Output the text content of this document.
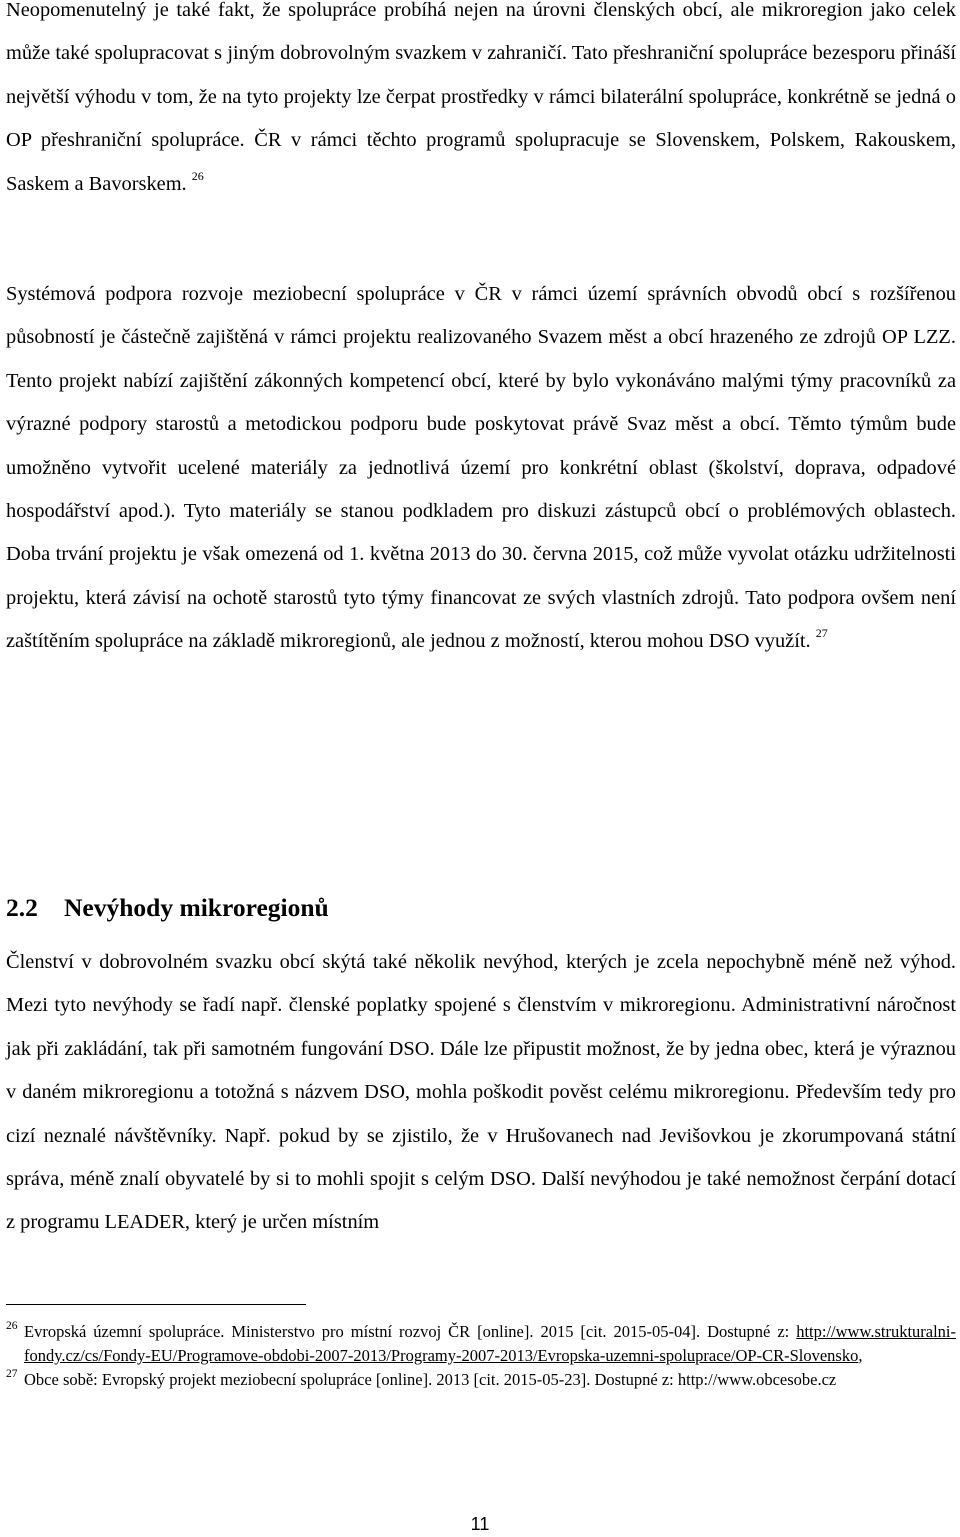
Neopomenutelný je také fakt, že spolupráce probíhá nejen na úrovni členských obcí, ale mikroregion jako celek může také spolupracovat s jiným dobrovolným svazkem v zahraničí. Tato přeshraniční spolupráce bezesporu přináší největší výhodu v tom, že na tyto projekty lze čerpat prostředky v rámci bilaterální spolupráce, konkrétně se jedná o OP přeshraniční spolupráce. ČR v rámci těchto programů spolupracuje se Slovenskem, Polskem, Rakouskem, Saskem a Bavorskem. $^{26}$

Systémová podpora rozvoje meziobecní spolupráce v ČR v rámci území správních obvodů obcí s rozšířenou působností je částečně zajištěná v rámci projektu realizovaného Svazem měst a obcí hrazeného ze zdrojů OP LZZ. Tento projekt nabízí zajištění zákonných kompetencí obcí, které by bylo vykonáváno malými týmy pracovníků za výrazné podpory starostů a metodickou podporu bude poskytovat právě Svaz měst a obcí. Těmto týmům bude umožněno vytvořit ucelené materiály za jednotlivá území pro konkrétní oblast (školství, doprava, odpadové hospodářství apod.). Tyto materiály se stanou podkladem pro diskuzi zástupců obcí o problémových oblastech. Doba trvání projektu je však omezená od 1. května 2013 do 30. června 2015, což může vyvolat otázku udržitelnosti projektu, která závisí na ochotě starostů tyto týmy financovat ze svých vlastních zdrojů. Tato podpora ovšem není zaštítěním spolupráce na základě mikroregionů, ale jednou z možností, kterou mohou DSO využít. $^{27}$

2.2 Nevýhody mikroregionů

Členství v dobrovolném svazku obcí skýtá také několik nevýhod, kterých je zcela nepochybně méně než výhod. Mezi tyto nevýhody se řadí např. členské poplatky spojené s členstvím v mikroregionu. Administrativní náročnost jak při zakládání, tak při samotném fungování DSO. Dále lze připustit možnost, že by jedna obec, která je výraznou v daném mikroregionu a totožná s názvem DSO, mohla poškodit pověst celému mikroregionu. Především tedy pro cizí neznalé návštěvníky. Např. pokud by se zjistilo, že v Hrušovanech nad Jevišovkou je zkorumpovaná státní správa, méně znalí obyvatelé by si to mohli spojit s celým DSO. Další nevýhodou je také nemožnost čerpání dotací z programu LEADER, který je určen místním

26 Evropská územní spolupráce. Ministerstvo pro místní rozvoj ČR [online]. 2015 [cit. 2015-05-04]. Dostupné z: http://www.strukturalni-fondy.cz/cs/Fondy-EU/Programove-obdobi-2007-2013/Programy-2007-2013/Evropska-uzemni-spoluprace/OP-CR-Slovensko,

27 Obce sobě: Evropský projekt meziobecní spolupráce [online]. 2013 [cit. 2015-05-23]. Dostupné z: http://www.obcesobe.cz

11
